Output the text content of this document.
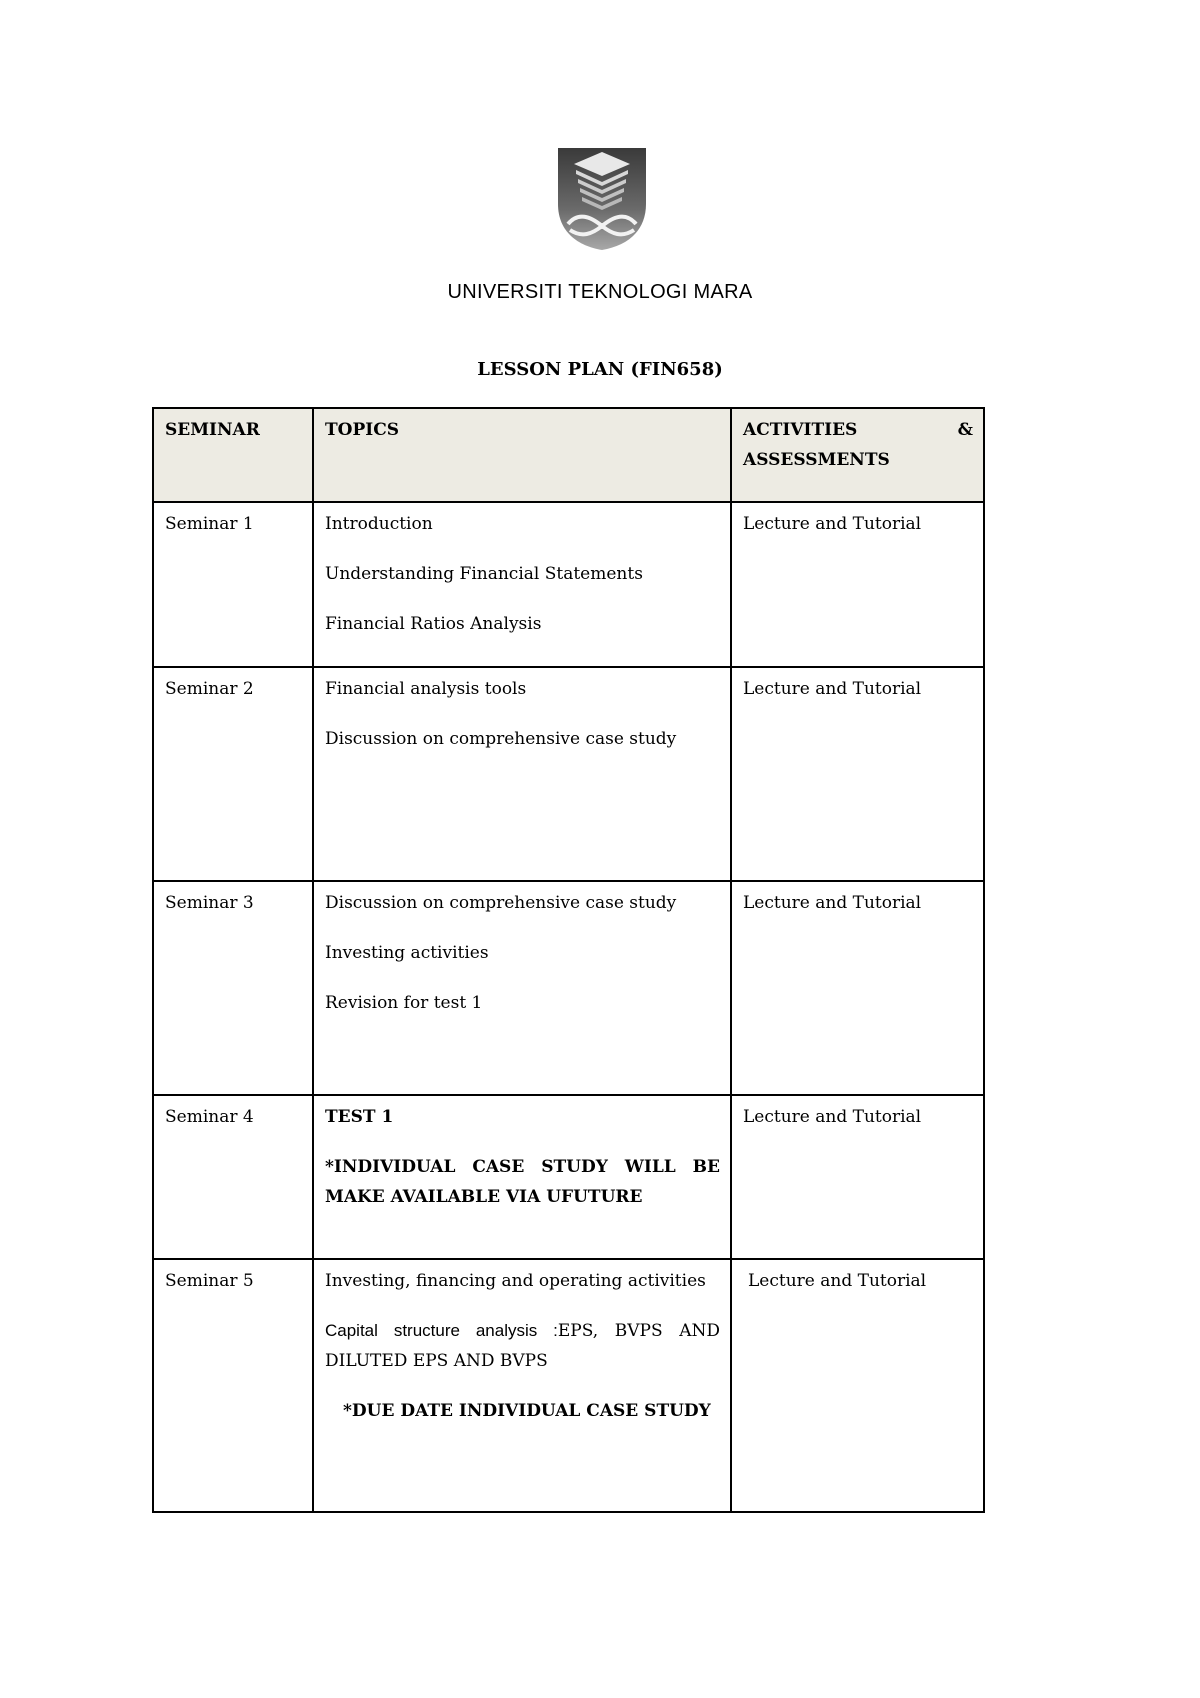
UNIVERSITI TEKNOLOGI MARA
LESSON PLAN (FIN658)
SEMINAR	TOPICS	ACTIVITIES &
ASSESSMENTS

Seminar 1	Introduction

Understanding Financial Statements

Financial Ratios Analysis	Lecture and Tutorial
Seminar 2	Financial analysis tools

Discussion on comprehensive case study	Lecture and Tutorial
Seminar 3	Discussion on comprehensive case study

Investing activities

Revision for test 1	Lecture and Tutorial
Seminar 4	TEST 1

*INDIVIDUAL CASE STUDY WILL BE MAKE AVAILABLE VIA UFUTURE	Lecture and Tutorial
Seminar 5	Investing, financing and operating activities

Capital structure analysis :EPS, BVPS AND DILUTED EPS AND BVPS

*DUE DATE INDIVIDUAL CASE STUDY	Lecture and Tutorial
